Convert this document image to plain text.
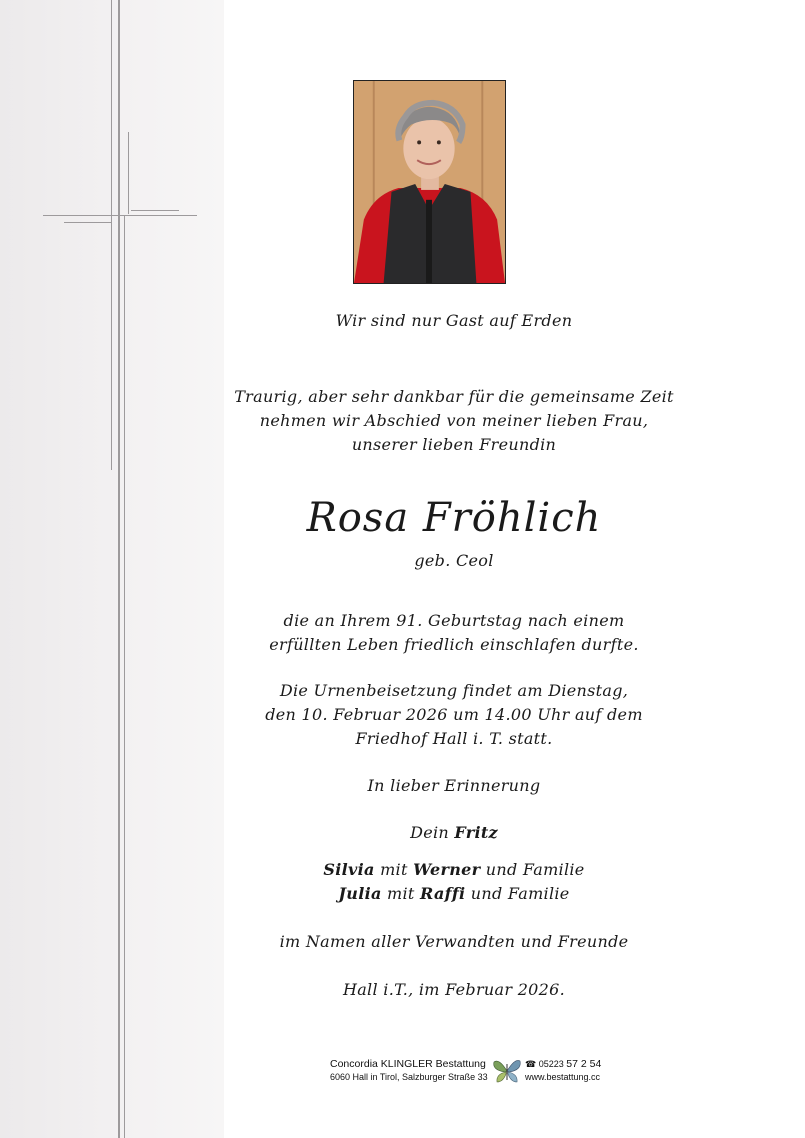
Wir sind nur Gast auf Erden
Traurig, aber sehr dankbar für die gemeinsame Zeit
nehmen wir Abschied von meiner lieben Frau,
unserer lieben Freundin
Rosa Fröhlich
geb. Ceol
die an Ihrem 91. Geburtstag nach einem
erfüllten Leben friedlich einschlafen durfte.
Die Urnenbeisetzung findet am Dienstag,
den 10. Februar 2026 um 14.00 Uhr auf dem
Friedhof Hall i. T. statt.
In lieber Erinnerung
Dein Fritz
Silvia mit Werner und Familie
Julia mit Raffi und Familie
im Namen aller Verwandten und Freunde
Hall i.T., im Februar 2026.
Concordia KLINGLER Bestattung
6060 Hall in Tirol, Salzburger Straße 33
☎ 05223 57 2 54
www.bestattung.cc
